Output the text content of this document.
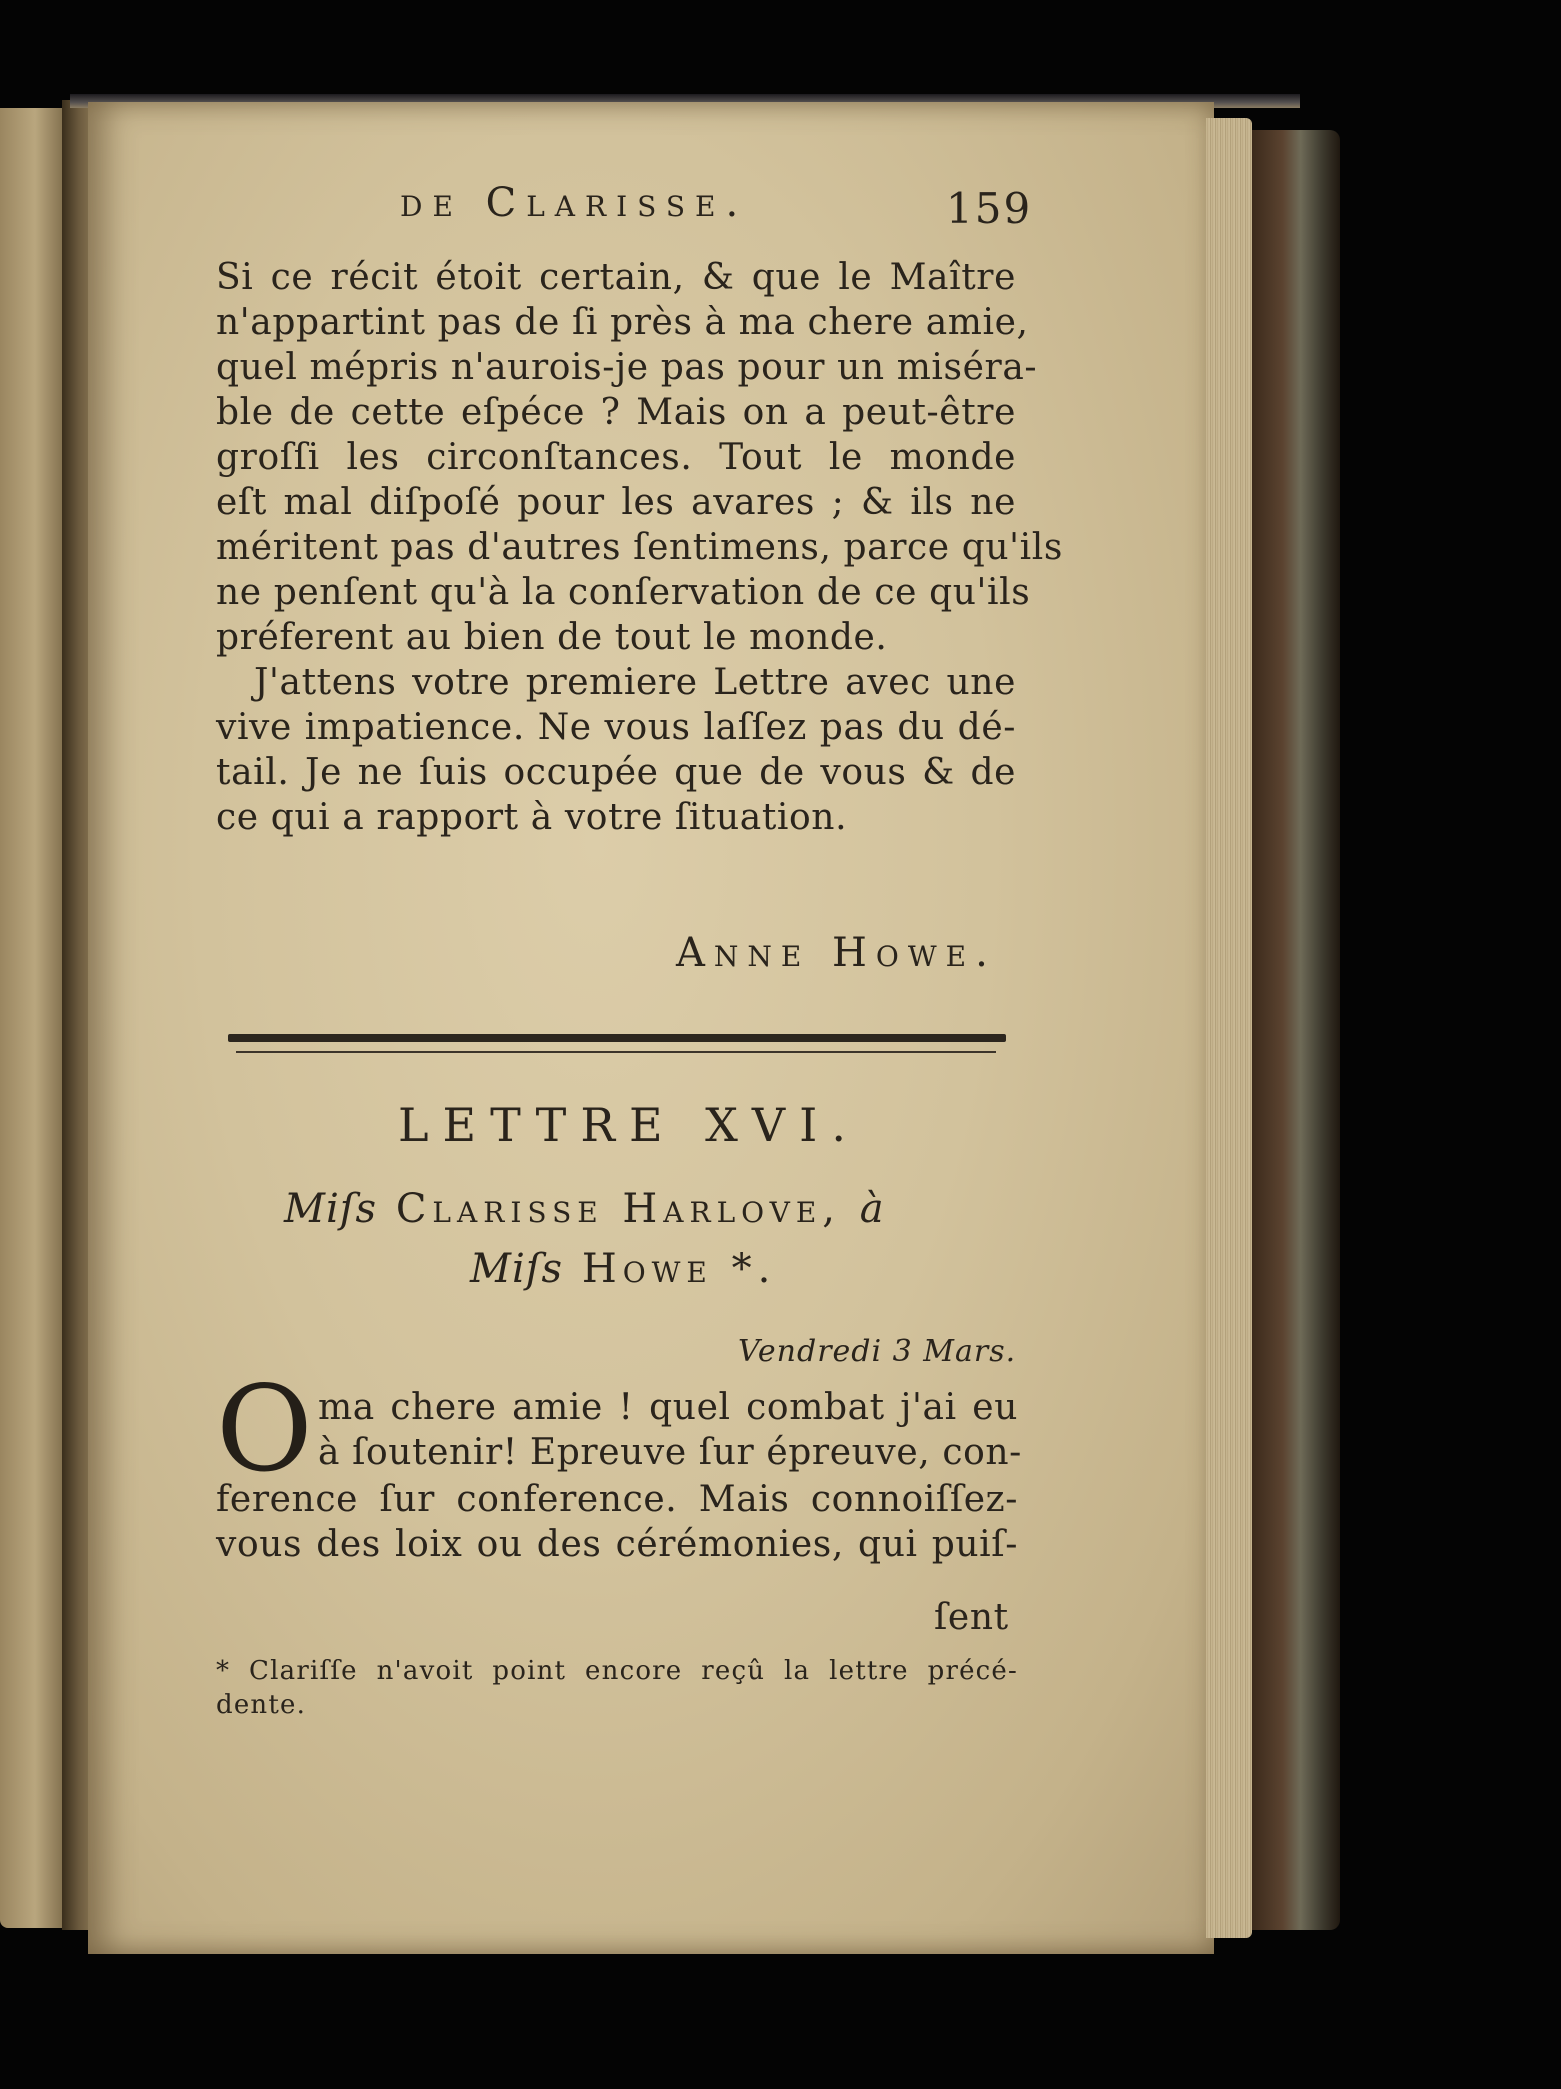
de Clarisse.	159
Si ce récit étoit certain, & que le Maître
n'appartint pas de ſi près à ma chere amie,
quel mépris n'aurois-je pas pour un miséra-
ble de cette eſpéce ? Mais on a peut-être
groſſi les circonſtances. Tout le monde
eſt mal diſpoſé pour les avares ; & ils ne
méritent pas d'autres ſentimens, parce qu'ils
ne penſent qu'à la conſervation de ce qu'ils
préferent au bien de tout le monde.
J'attens votre premiere Lettre avec une
vive impatience. Ne vous laſſez pas du dé-
tail. Je ne ſuis occupée que de vous & de
ce qui a rapport à votre ſituation.
Anne Howe.
LETTRE XVI.
Miſs Clarisse Harlove, à
Miſs Howe *.
Vendredi 3 Mars.
O ma chere amie ! quel combat j'ai eu
à ſoutenir! Epreuve ſur épreuve, con-
ference ſur conference. Mais connoiſſez-
vous des loix ou des cérémonies, qui puiſ-
ſent
* Clariſſe n'avoit point encore reçû la lettre précé-
dente.
